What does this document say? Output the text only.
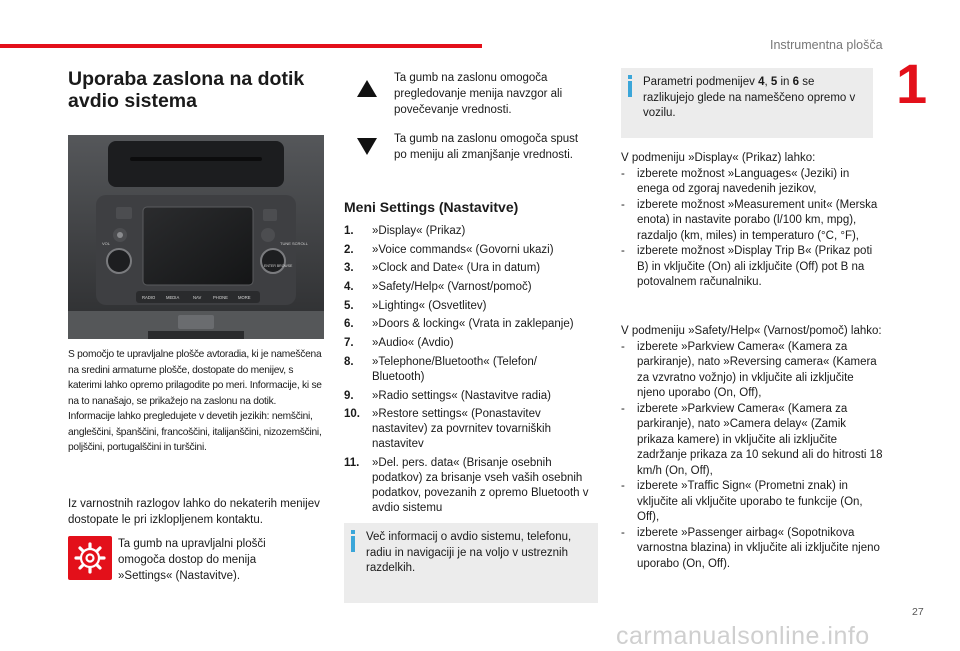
Instrumentna plošča
1
27
carmanualsonline.info
Uporaba zaslona na dotik avdio sistema
VOL	TUNE SCROLL
ENTER BROWSE
RADIO	MEDIA	NAV	PHONE MORE
S pomočjo te upravljalne plošče avtoradia, ki je nameščena na sredini armaturne plošče, dostopate do menijev, s katerimi lahko opremo prilagodite po meri. Informacije, ki se na to nanašajo, se prikažejo na zaslonu na dotik.
Informacije lahko pregledujete v devetih jezikih: nemščini, angleščini, španščini, francoščini, italijanščini, nizozemščini, poljščini, portugalščini in turščini.

Iz varnostnih razlogov lahko do nekaterih menijev dostopate le pri izklopljenem kontaktu.

Ta gumb na upravljalni plošči omogoča dostop do menija »Settings« (Nastavitve).

Ta gumb na zaslonu omogoča pregledovanje menija navzgor ali povečevanje vrednosti.

Ta gumb na zaslonu omogoča spust po meniju ali zmanjšanje vrednosti.

Meni Settings (Nastavitve)
1. »Display« (Prikaz)
2. »Voice commands« (Govorni ukazi)
3. »Clock and Date« (Ura in datum)
4. »Safety/Help« (Varnost/pomoč)
5. »Lighting« (Osvetlitev)
6. »Doors & locking« (Vrata in zaklepanje)
7. »Audio« (Avdio)
8. »Telephone/Bluetooth« (Telefon/ Bluetooth)
9. »Radio settings« (Nastavitve radia)
10. »Restore settings« (Ponastavitev nastavitev) za povrnitev tovarniških nastavitev
11. »Del. pers. data« (Brisanje osebnih podatkov) za brisanje vseh vaših osebnih podatkov, povezanih z opremo Bluetooth v avdio sistemu
Več informacij o avdio sistemu, telefonu, radiu in navigaciji je na voljo v ustreznih razdelkih.
Parametri podmenijev 4, 5 in 6 se razlikujejo glede na nameščeno opremo v vozilu.
V podmeniju »Display« (Prikaz) lahko:
- izberete možnost »Languages« (Jeziki) in enega od zgoraj navedenih jezikov,
- izberete možnost »Measurement unit« (Merska enota) in nastavite porabo (l/100 km, mpg), razdaljo (km, miles) in temperaturo (°C, °F),
- izberete možnost »Display Trip B« (Prikaz poti B) in vključite (On) ali izključite (Off) pot B na potovalnem računalniku.
V podmeniju »Safety/Help« (Varnost/pomoč) lahko:
- izberete »Parkview Camera« (Kamera za parkiranje), nato »Reversing camera« (Kamera za vzvratno vožnjo) in vključite ali izključite njeno uporabo (On, Off),
- izberete »Parkview Camera« (Kamera za parkiranje), nato »Camera delay« (Zamik prikaza kamere) in vključite ali izključite zadržanje prikaza za 10 sekund ali do hitrosti 18 km/h (On, Off),
- izberete »Traffic Sign« (Prometni znak) in vključite ali vključite uporabo te funkcije (On, Off),
- izberete »Passenger airbag« (Sopotnikova varnostna blazina) in vključite ali izključite njeno uporabo (On, Off).
